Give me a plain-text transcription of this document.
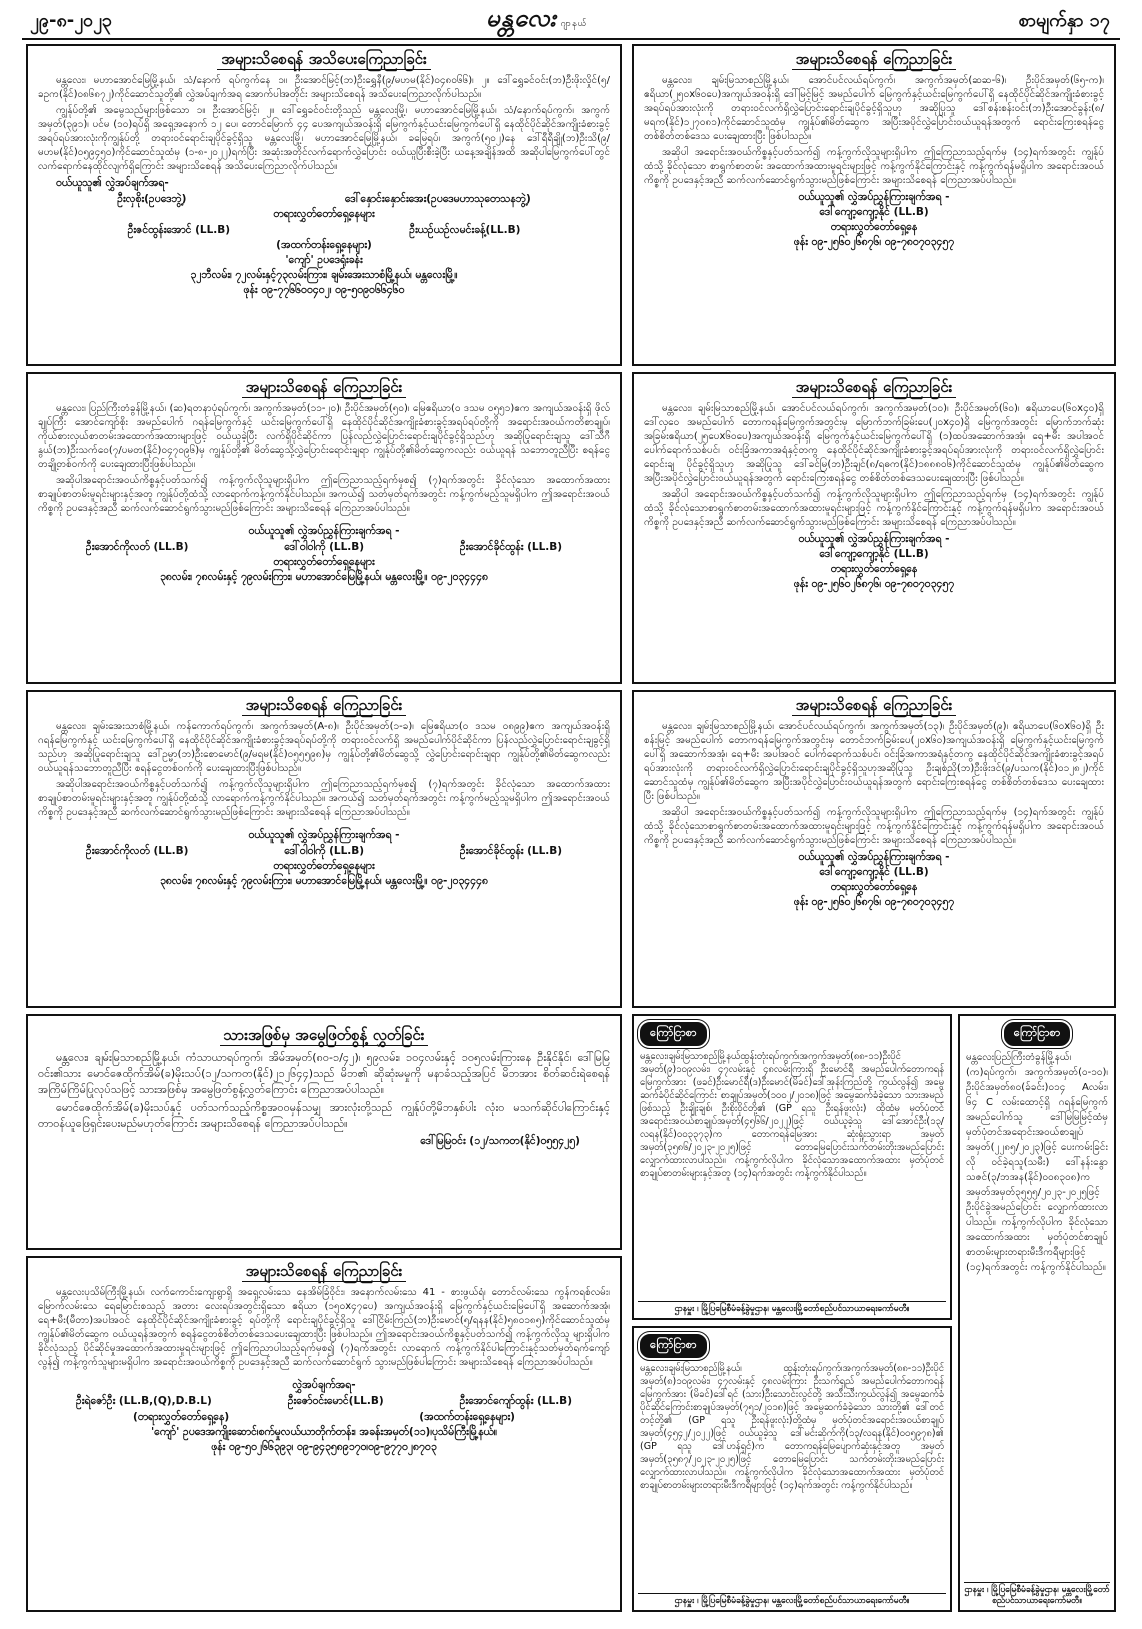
၂၉-၈-၂၀၂၃	မန္တလေး ဂျာနယ်	စာမျက်နှာ ၁၇
အများသိစေရန် အသိပေးကြေညာခြင်း

မန္တလေး၊ မဟာအောင်မြေမြို့နယ်၊ သံ/နောက် ရပ်ကွက်နေ ၁။ ဦးအောင်မြင့်(ဘ)ဦးရွှေနီ(၉/မဟမ(နိုင်)၀၄၈၀၆၆)၊ ၂။ ဒေါ်ရွှေခင်ဝင်း(ဘ)ဦးဖိုးလှိုင်(၅/ခဥက(နိုင်)၀၈၆၈၇၂)ကိုင်ဆောင်သူတို့၏ လွှဲအပ်ချက်အရ အောက်ပါအတိုင်း အများသိစေရန် အသိပေးကြေညာလိုက်ပါသည်။

ကျွန်ုပ်တို့၏ အမွေသည်များဖြစ်သော ၁။ ဦးအောင်မြင့်၊ ၂။ ဒေါ်ရွှေခင်ဝင်းတို့သည် မန္တလေးမြို့၊ မဟာအောင်မြေမြို့နယ်၊ သံ/နောက်ရပ်ကွက်၊ အကွက်အမှတ်(၃၉၁)၊ ပင်မ (၁၀)ရပ်ရှိ အရှေ့အနောက် ၁၂ ပေ၊ တောင်မြောက် ၄၄ ပေအကျယ်အဝန်းရှိ မြေကွက်နှင့်ယင်းမြေကွက်ပေါ်ရှိ နေထိုင်ပိုင်ဆိုင်အကျိုးခံစားခွင့်အရပ်ရပ်အားလုံးကိုကျွန်ုပ်တို့ တရားဝင်ရောင်းချပိုင်ခွင့်ရှိသူ မန္တလေးမြို့၊ မဟာအောင်မြေမြို့နယ်၊ ခမြေရပ်၊ အကွက်(၅၀၂)နေ ဒေါ်ရီရီချို(ဘ)ဦးသိ(၉/မဟမ(နိုင်)၀၅၉၄၅၀)ကိုင်ဆောင်သူထံမှ (၁-၈-၂၀၂၂)ရက်ပြီး အဆုံးအတိုင်လက်ရောက်လွှဲပြောင်း ဝယ်ယူပြီးစီးခဲ့ပြီး ယနေ့အချိန်အထိ အဆိုပါမြေကွက်ပေါ်တွင် လက်ရောက်နေထိုင်လျက်ရှိကြောင်း အများသိစေရန် အသိပေးကြေညာလိုက်ပါသည်။

ဝယ်ယူသူ၏ လွှဲအပ်ချက်အရ-
ဦးလှစိုး(ဥပဒေဘွဲ့)	ဒေါ်နှောင်းနှောင်းအေး(ဥပဒေမဟာသုတေသနဘွဲ့)
တရားလွှတ်တော်ရှေ့နေများ
ဦးဇင်ထွန်းအောင် (LL.B)	ဦးယဉ်ယဉ်လမင်းခန့်(LL.B)
(အထက်တန်းရှေ့နေများ)
'ကျော်' ဥပဒေရုံးခန်း
၃၂ဘီလမ်း၊ ၇၂လမ်းနှင့်၇၃လမ်းကြား၊ ချမ်းအေးသာစံမြို့နယ်၊ မန္တလေးမြို့။
ဖုန်း ၀၉-၇၇၆၆၀၀၄၀၂၊ ၀၉-၅၀၉၀၆၆၄၆၀
အများသိစေရန် ကြေညာခြင်း

မန္တလေး၊ ချမ်းမြသာစည်မြို့နယ်၊ အောင်ပင်လယ်ရပ်ကွက်၊ အကွက်အမှတ်(ဆဆ-၆)၊ ဦးပိုင်အမှတ်(၆၅-က)၊ ဧရိယာ(၂၅၀x၆၀ပေ)အကျယ်အဝန်းရှိ ဒေါ်မြင့်မြင့် အမည်ပေါက် မြေကွက်နှင့်ယင်းမြေကွက်ပေါ်ရှိ နေထိုင်ပိုင်ဆိုင်အကျိုးခံစားခွင့်အရပ်ရပ်အားလုံးကို တရားဝင်လက်ရှိလွှဲပြောင်းရောင်းချပိုင်ခွင့်ရှိသူဟု အဆိုပြုသူ ဒေါ်စန်းစန်းဝင်း(ဘ)ဦးအောင်ခွန်း(၈/မရက(နိုင်)၁၂၇၀၈၁)ကိုင်ဆောင်သူထံမှ ကျွန်ုပ်၏မိတ်ဆွေက အပြီးအပိုင်လွှဲပြောင်းဝယ်ယူရန်အတွက် ရောင်းကြေးစရန်ငွေ တစ်စိတ်တစ်ဒေသ ပေးချေထားပြီး ဖြစ်ပါသည်။

အဆိုပါ အရောင်းအဝယ်ကိစ္စနှင့်ပတ်သက်၍ ကန့်ကွက်လိုသူများရှိပါက ဤကြေညာသည့်ရက်မှ (၁၄)ရက်အတွင်း ကျွန်ုပ်ထံသို့ ခိုင်လုံသော စာရွက်စာတမ်း အထောက်အထားမူရင်းများဖြင့် ကန့်ကွက်နိုင်ကြောင်းနှင့် ကန့်ကွက်ရန်မရှိပါက အရောင်းအဝယ်ကိစ္စကို ဥပဒေနှင့်အညီ ဆက်လက်ဆောင်ရွက်သွားမည်ဖြစ်ကြောင်း အများသိစေရန် ကြေညာအပ်ပါသည်။

ဝယ်ယူသူ၏ လွှဲအပ်ညွှန်ကြားချက်အရ -
ဒေါ်ကျော့ကျော့နိုင် (LL.B)
တရားလွှတ်တော်ရှေ့နေ
ဖုန်း ၀၉-၂၅၆၀၂၆၈၇၆၊ ၀၉-၇၈၀၇၀၃၄၅၇
အများသိစေရန် ကြေညာခြင်း

မန္တလေး၊ ပြည်ကြီးတံခွန်မြို့နယ်၊ (ဆ)ရတနာပုံရပ်ကွက်၊ အကွက်အမှတ်(၁၁-၂၀)၊ ဦးပိုင်အမှတ်(၅၀)၊ မြေဧရိယာ(၀ ဒသမ ၀၅၅၁)ဧက အကျယ်အဝန်းရှိ ဖိုလ်ချုပ်ကြီး အောင်ကျော်စိုး အမည်ပေါက် ဂရန်မြေကွက်နှင့် ယင်းမြေကွက်ပေါ်ရှိ နေထိုင်ပိုင်ဆိုင်အကျိုးခံစားခွင့်အရပ်ရပ်တို့ကို အရောင်းအဝယ်ကတိစာချုပ်၊ ကိုယ်စားလှယ်စာတမ်းအထောက်အထားများဖြင့် ဝယ်ယူခဲ့ပြီး လက်ရှိပိုင်ဆိုင်ကာ ပြန်လည်လွှဲပြောင်းရောင်းချပိုင်ခွင့်ရှိသည်ဟု အဆိုပြုရောင်းချသူ ဒေါ်သီဂီနွယ်(ဘ)ဦးသက်ဝေ(၇/ပမတ(နိုင်)၀၄၇၀၉၆)မှ ကျွန်ုပ်တို့၏ မိတ်ဆွေသို့လွှဲပြောင်းရောင်းချရာ ကျွန်ုပ်တို့၏မိတ်ဆွေကလည်း ဝယ်ယူရန် သဘောတူညီပြီး စရန်ငွေတချို့တစ်ဝက်ကို ပေးချေထားပြီးဖြစ်ပါသည်။

အဆိုပါအရောင်းအဝယ်ကိစ္စနှင့်ပတ်သက်၍ ကန့်ကွက်လိုသူများရှိပါက ဤကြေညာသည့်ရက်မှစ၍ (၇)ရက်အတွင်း ခိုင်လုံသော အထောက်အထားစာချုပ်စာတမ်းမူရင်းများနှင့်အတူ ကျွန်ုပ်တို့ထံသို့ လာရောက်ကန့်ကွက်နိုင်ပါသည်။ အကယ်၍ သတ်မှတ်ရက်အတွင်း ကန့်ကွက်မည့်သူမရှိပါက ဤအရောင်းအဝယ်ကိစ္စကို ဥပဒေနှင့်အညီ ဆက်လက်ဆောင်ရွက်သွားမည်ဖြစ်ကြောင်း အများသိစေရန် ကြေညာအပ်ပါသည်။

ဝယ်ယူသူ၏ လွှဲအပ်ညွှန်ကြားချက်အရ -
ဦးအောင်ကိုလတ် (LL.B)	ဒေါ်ဝါဝါကို (LL.B)	ဦးအောင်ခိုင်ထွန်း (LL.B)
တရားလွှတ်တော်ရှေ့နေများ
၃၈လမ်း၊ ၇၈လမ်းနှင့် ၇၉လမ်းကြား၊ မဟာအောင်မြေမြို့နယ်၊ မန္တလေးမြို့။ ၀၉-၂၀၃၄၄၄၈
အများသိစေရန် ကြေညာခြင်း

မန္တလေး၊ ချမ်းမြသာစည်မြို့နယ်၊ အောင်ပင်လယ်ရပ်ကွက်၊ အကွက်အမှတ်(၁၀)၊ ဦးပိုင်အမှတ်(၆၀)၊ ဧရိယာပေ(၆၀x၄၀)ရှိ ဒေါ်လှဝေ အမည်ပေါက် တောကရန်မြေကွက်အတွင်းမှ မြောက်ဘက်ခြမ်းပေ(၂၀x၄၀)ရှိ မြေကွက်အတွင်း မြောက်ဘက်ဆုံးအခြမ်းဧရိယာ(၂၅ပေx၆၀ပေ)အကျယ်အဝန်းရှိ မြေကွက်နှင့်ယင်းမြေကွက်ပေါ်ရှိ (၁)ထပ်အဆောက်အအုံ၊ ရေ+မီး အပါအဝင် ပေါက်ရောက်သစ်ပင်၊ ဝင်းခြံအကာအရံနှင့်တကွ နေထိုင်ပိုင်ဆိုင်အကျိုးခံစားခွင့်အရပ်ရပ်အားလုံးကို တရားဝင်လက်ရှိလွှဲပြောင်းရောင်းချ ပိုင်ခွင့်ရှိသူဟု အဆိုပြုသူ ဒေါ်ခင်မြ(ဘ)ဦးချင်(၈/ရဓက(နိုင်)၁၈၈၈၀၆)ကိုင်ဆောင်သူထံမှ ကျွန်ုပ်၏မိတ်ဆွေက အပြီးအပိုင်လွှဲပြောင်းဝယ်ယူရန်အတွက် ရောင်းကြေးစရန်ငွေ တစ်စိတ်တစ်ဒေသပေးချေထားပြီး ဖြစ်ပါသည်။

အဆိုပါ အရောင်းအဝယ်ကိစ္စနှင့်ပတ်သက်၍ ကန့်ကွက်လိုသူများရှိပါက ဤကြေညာသည့်ရက်မှ (၁၄)ရက်အတွင်း ကျွန်ုပ်ထံသို့ ခိုင်လုံသောစာရွက်စာတမ်းအထောက်အထားမူရင်းများဖြင့် ကန့်ကွက်နိုင်ကြောင်းနှင့် ကန့်ကွက်ရန်မရှိပါက အရောင်းအဝယ်ကိစ္စကို ဥပဒေနှင့်အညီ ဆက်လက်ဆောင်ရွက်သွားမည်ဖြစ်ကြောင်း အများသိစေရန် ကြေညာအပ်ပါသည်။

ဝယ်ယူသူ၏ လွှဲအပ်ညွှန်ကြားချက်အရ -
ဒေါ်ကျော့ကျော့နိုင် (LL.B)
တရားလွှတ်တော်ရှေ့နေ
ဖုန်း ၀၉-၂၅၆၀၂၆၈၇၆၊ ၀၉-၇၈၀၇၀၃၄၅၇
အများသိစေရန် ကြေညာခြင်း

မန္တလေး၊ ချမ်းအေးသာစံမြို့နယ်၊ ကန်ကောက်ရပ်ကွက်၊ အကွက်အမှတ်(A-၈)၊ ဦးပိုင်အမှတ်(၁-ခ)၊ မြေဧရိယာ(၀ ဒသမ ၀၈၉၉)ဧက အကျယ်အဝန်းရှိ ဂရန်မြေကွက်နှင့် ယင်းမြေကွက်ပေါ်ရှိ နေထိုင်ပိုင်ဆိုင်အကျိုးခံစားခွင့်အရပ်ရပ်တို့ကို တရားဝင်လက်ရှိ အမည်ပေါက်ပိုင်ဆိုင်ကာ ပြန်လည်လွှဲပြောင်းရောင်းချခွင့်ရှိသည်ဟု အဆိုပြုရောင်းချသူ ဒေါ်ဥမ္မာ(ဘ)ဦးစောမောင်(၉/မရမ(နိုင်)၀၅၅၅၉၈)မှ ကျွန်ုပ်တို့၏မိတ်ဆွေသို့ လွှဲပြောင်းရောင်းချရာ ကျွန်ုပ်တို့၏မိတ်ဆွေကလည်း ဝယ်ယူရန်သဘောတူညီပြီး စရန်ငွေတစ်ဝက်ကို ပေးချေထားပြီးဖြစ်ပါသည်။

အဆိုပါအရောင်းအဝယ်ကိစ္စနှင့်ပတ်သက်၍ ကန့်ကွက်လိုသူများရှိပါက ဤကြေညာသည့်ရက်မှစ၍ (၇)ရက်အတွင်း ခိုင်လုံသော အထောက်အထားစာချုပ်စာတမ်းမူရင်းများနှင့်အတူ ကျွန်ုပ်တို့ထံသို့ လာရောက်ကန့်ကွက်နိုင်ပါသည်။ အကယ်၍ သတ်မှတ်ရက်အတွင်း ကန့်ကွက်မည့်သူမရှိပါက ဤအရောင်းအဝယ်ကိစ္စကို ဥပဒေနှင့်အညီ ဆက်လက်ဆောင်ရွက်သွားမည်ဖြစ်ကြောင်း အများသိစေရန် ကြေညာအပ်ပါသည်။

ဝယ်ယူသူ၏ လွှဲအပ်ညွှန်ကြားချက်အရ -
ဦးအောင်ကိုလတ် (LL.B)	ဒေါ်ဝါဝါကို (LL.B)	ဦးအောင်ခိုင်ထွန်း (LL.B)
တရားလွှတ်တော်ရှေ့နေများ
၃၈လမ်း၊ ၇၈လမ်းနှင့် ၇၉လမ်းကြား၊ မဟာအောင်မြေမြို့နယ်၊ မန္တလေးမြို့။ ၀၉-၂၀၃၄၄၄၈
အများသိစေရန် ကြေညာခြင်း

မန္တလေး၊ ချမ်းမြသာစည်မြို့နယ်၊ အောင်ပင်လယ်ရပ်ကွက်၊ အကွက်အမှတ်(၁၃)၊ ဦးပိုင်အမှတ်(၉)၊ ဧရိယာပေ(၆၀x၆၀)ရှိ ဦးစန်းမြင့် အမည်ပေါက် တောကရန်မြေကွက်အတွင်းမှ တောင်ဘက်ခြမ်းပေ(၂၀x၆၀)အကျယ်အဝန်းရှိ မြေကွက်နှင့်ယင်းမြေကွက်ပေါ်ရှိ အဆောက်အအုံ၊ ရေ+မီး အပါအဝင် ပေါက်ရောက်သစ်ပင်၊ ဝင်းခြံအကာအရံနှင့်တကွ နေထိုင်ပိုင်ဆိုင်အကျိုးခံစားခွင့်အရပ်ရပ်အားလုံးကို တရားဝင်လက်ရှိလွှဲပြောင်းရောင်းချပိုင်ခွင့်ရှိသူဟုအဆိုပြုသူ ဦးချစ်ညို(ဘ)ဦးဖိုးဒင်(၉/ပသက(နိုင်)၀၁၂၈၂)ကိုင်ဆောင်သူထံမှ ကျွန်ုပ်၏မိတ်ဆွေက အပြီးအပိုင်လွှဲပြောင်းဝယ်ယူရန်အတွက် ရောင်းကြေးစရန်ငွေ တစ်စိတ်တစ်ဒေသ ပေးချေထားပြီး ဖြစ်ပါသည်။

အဆိုပါ အရောင်းအဝယ်ကိစ္စနှင့်ပတ်သက်၍ ကန့်ကွက်လိုသူများရှိပါက ဤကြေညာသည့်ရက်မှ (၁၄)ရက်အတွင်း ကျွန်ုပ်ထံသို့ ခိုင်လုံသောစာရွက်စာတမ်းအထောက်အထားမူရင်းများဖြင့် ကန့်ကွက်နိုင်ကြောင်းနှင့် ကန့်ကွက်ရန်မရှိပါက အရောင်းအဝယ်ကိစ္စကို ဥပဒေနှင့်အညီ ဆက်လက်ဆောင်ရွက်သွားမည်ဖြစ်ကြောင်း အများသိစေရန် ကြေညာအပ်ပါသည်။

ဝယ်ယူသူ၏ လွှဲအပ်ညွှန်ကြားချက်အရ -
ဒေါ်ကျော့ကျော့နိုင် (LL.B)
တရားလွှတ်တော်ရှေ့နေ
ဖုန်း ၀၉-၂၅၆၀၂၆၈၇၆၊ ၀၉-၇၈၀၇၀၃၄၅၇
သားအဖြစ်မှ အမွေဖြတ်စွန့် လွှတ်ခြင်း

မန္တလေး၊ ချမ်းမြသာစည်မြို့နယ်၊ ကံသာယာရပ်ကွက်၊ အိမ်အမှတ်(၈၀-၁/၄၂)၊ ၅၉လမ်း၊ ၁၀၄လမ်းနှင့် ၁၀၅လမ်းကြားနေ ဦးနိုင်နိုင်၊ ဒေါ်မြမြဝင်း၏သား မောင်ဇေထိုက်အိမ်(ခ)မိုးသပ်(၁၂/သကတ(နိုင်)၂၁၂၆၄၄)သည် မိဘ၏ ဆိုဆုံးမမှုကို မနာခံသည့်အပြင် မိဘအား စိတ်ဆင်းရဲစေရန် အကြိမ်ကြိမ်ပြုလုပ်သဖြင့် သားအဖြစ်မှ အမွေဖြတ်စွန့်လွှတ်ကြောင်း ကြေညာအပ်ပါသည်။

မောင်ဇေထိုက်အိမ်(ခ)မိုးသပ်နှင့် ပတ်သက်သည့်ကိစ္စအဝဝမှန်သမျှ အားလုံးတို့သည် ကျွန်ုပ်တို့မိဘနှစ်ပါး လုံးဝ မသက်ဆိုင်ပါကြောင်းနှင့် တာဝန်ယူဖြေရှင်းပေးမည်မဟုတ်ကြောင်း အများသိစေရန် ကြေညာအပ်ပါသည်။

ဒေါ်မြမြဝင်း (၁၂/သကတ(နိုင်)၀၅၅၄၂၅)
အများသိစေရန် ကြေညာခြင်း

မန္တလေးပုသိမ်ကြီးမြို့နယ်၊ လက်ကောင်းကျေးရွာရှိ အရှေ့လမ်းသေ နေအိမ်ခြံဝိုင်း၊ အနောက်လမ်းသေ 41 - စားဖွယ်ရံ၊ တောင်လမ်းသေ ကွန်ကရစ်လမ်း၊ မြောက်လမ်းသေ ရေမြောင်းစသည့် အတား လေးရပ်အတွင်းရှိသော ဧရိယာ (၁၅၀x၄၇ပေ) အကျယ်အဝန်းရှိ မြေကွက်နှင့်ယင်းမြေပေါ်ရှိ အဆောက်အအုံ၊ ရေ+မီး(မီတာ)အပါအဝင် နေထိုင်ပိုင်ဆိုင်အကျိုးခံစားခွင့် ရပ်တို့ကို ရောင်းချပိုင်ခွင့်ရှိသူ ဒေါ်ငြိမ်းကြည်(ဘ)ဦးမောင်(၅/ရနန(နိုင်)၅၈၀၁၈၅)ကိုင်ဆောင်သူထံမှ ကျွန်ုပ်၏မိတ်ဆွေက ဝယ်ယူရန်အတွက် စရန်ငွေတစ်စိတ်တစ်ဒေသပေးချေထားပြီး ဖြစ်ပါသည်။ ဤအရောင်းအဝယ်ကိစ္စနှင့်ပတ်သက်၍ ကန့်ကွက်လိုသူ များရှိပါက ခိုင်လုံသည့် ပိုင်ဆိုင်မှုအထောက်အထားမူရင်းများဖြင့် ဤကြေညာပါသည့်ရက်မှစ၍ (၇)ရက်အတွင်း လာရောက် ကန့်ကွက်နိုင်ပါကြောင်းနှင့်သတ်မှတ်ရက်ကျော်လွန်၍ ကန့်ကွက်သူများမရှိပါက အရောင်းအဝယ်ကိစ္စကို ဥပဒေနှင့်အညီ ဆက်လက်ဆောင်ရွက် သွားမည်ဖြစ်ပါကြောင်း အများသိစေရန် ကြေညာအပ်ပါသည်။

လွှဲအပ်ချက်အရ-
ဦးရဲဇော်ဦး (LL.B,(Q),D.B.L)	ဦးဇော်ဝင်းမောင်(LL.B)	ဦးအောင်ကျော်ထွန်း (LL.B)
(တရားလွှတ်တော်ရှေ့နေ)	(အထက်တန်းရှေ့နေများ)
'ကျော်' ဥပဒေအကျိုးဆောင်၊စက်မှုလယ်ယာတိုက်တန်း၊ အခန်းအမှတ်(၁၁)၊ပုသိမ်ကြီးမြို့နယ်။
ဖုန်း ၀၉-၅၀၂၆၆၃၉၃၊ ၀၉-၉၄၃၅၈၉၁၇၀၊၀၉-၉၇၇၀၂၈၇၀၃
ကြော်ငြာစာ

မန္တလေး၊ချမ်းမြသာစည်မြို့နယ်ထွန်းတုံးရပ်ကွက်၊အကွက်အမှတ်(၈၈-၁၁)ဦးပိုင်အမှတ်(၉)၁၀၉လမ်း၊ ၄၇လမ်းနှင့် ၄၈လမ်းကြားရှိ ဦးမောင်ရီ အမည်ပေါက်တောကရန်မြေကွက်အား (ဖခင်)ဦးမောင်ရီ(ဒ)ဦးမောင်(မိခင်)ဒေါ်အုန်းကြည်တို့ ကွယ်လွန်၍ အမွေဆက်ခံပိုင်ဆိုင်ကြောင်း စာချုပ်အမှတ်(၁၀၀၂/၂၀၁၈)ဖြင့် အမွေဆက်ခံခဲ့သော သားအမည်ဖြစ်သည့် ဦးချိုးချစ်၊ ဦးစိုးဝိုင်တို့၏ (GP ရသူ ဦးရန်ဖူးလုံး) ထိုထံမှ မှတ်ပုံတင်အရောင်းအဝယ်စာချုပ်အမှတ်(၄၅၆၆/၂၀၂၂)ဖြင့် ဝယ်ယူခဲ့သူ ဒေါ်အောင်ဦး(၁၃/လရန(နိုင်)၀၀၃၃၇၃)က တောကရန်မြေအား ဆုံးရှုံးသွားရာ အမှတ်အမှတ်(၃၅၈၆/၂၀၂၃-၂၀၂၅)ဖြင့် တောမြေပြောင်းသက်တမ်းတိုးအမည်ပြောင်း လျှောက်ထားလာပါသည်။ ကန့်ကွက်လိုပါက ခိုင်လုံသောအထောက်အထား မှတ်ပုံတင်စာချုပ်စာတမ်းများနှင့်အတူ (၁၄)ရက်အတွင်း ကန့်ကွက်နိုင်ပါသည်။

ဌာနမှူး ၊ မြို့ပြမြေစီမံခန့်ခွဲမှုဌာန၊ မန္တလေးမြို့တော်စည်ပင်သာယာရေးကော်မတီ။
ကြော်ငြာစာ

မန္တလေးပြည်ကြီးတံခွန်မြို့နယ်၊(က)ရပ်ကွက်၊ အကွက်အမှတ်(ဝ-၁၀)၊ ဦးပိုင်အမှတ်၈၀(ခ်ခင်း)၀၁၄ Aလမ်း၊ ၆၄ C လမ်းထောင့်ရှိ ဂရန်မြေကွက်အမည်ပေါက်သူ ဒေါ်မြမြမြင့်ထံမှ မှတ်ပုံတင်အရောင်းအဝယ်စာချုပ်အမှတ်(၂၂၈၅/၂၀၂၃)ဖြင့် ပေးကမ်းခြင်းလို ဝင်ခဲ့ရသူ(သမီး) ဒေါ်နန်းနွောသဇင်(၃/ဘအန(နိုင်)၀၀၈၃၀၈)က အမှတ်အမှတ်၃၅၅၅/၂၀၂၃-၂၀၂၅ဖြင့် ဦးပိုင်ခွဲအမည်ပြောင်း လျှောက်ထားလာပါသည်။ ကန့်ကွက်လိုပါက ခိုင်လုံသောအထောက်အထား မှတ်ပုံတင်စာချုပ် စာတမ်းများတရားမီးဒီကရီများဖြင့် (၁၄)ရက်အတွင်း ကန့်ကွက်နိုင်ပါသည်။

ဌာနမှူး ၊ မြို့ပြမြေစီမံခန့်ခွဲမှုဌာန၊ မန္တလေးမြို့တော်စည်ပင်သာယာရေးကော်မတီ။
ကြော်ငြာစာ

မန္တလေး၊ချမ်းမြသာစည်မြို့နယ်၊ ထွန်းတုံးရပ်ကွက်၊အကွက်အမှတ်(၈၈-၁၁)ဦးပိုင်အမှတ်(၈)၁၀၉လမ်း၊ ၄၇လမ်းနှင့် ၄၈လမ်းကြား ဦးသက်ရှည် အမည်ပေါက်တောကရန်မြေကွက်အား (မိခင်)ဒေါ်ရင် (သား)ဦးသောင်းလွင်တို့ အသီးသီးကွယ်လွန်၍ အမွေဆက်ခံပိုင်ဆိုင်ကြောင်းစာချုပ်အမှတ်(၇၅၁/၂၀၁၈)ဖြင့် အမွေဆက်ခံခဲ့သော သားတို့၏ ဒေါ်တင်တင့်တို့၏ (GP ရသူ ဦးရန်ဖူးလုံး)တို့ထံမှ မှတ်ပုံတင်အရောင်းအဝယ်စာချုပ်အမှတ်(၄၅၄၂/၂၀၂၂)ဖြင့် ဝယ်ယူခဲ့သူ ဒေါ်မင်းဆိုက်ကို(၁၃/လရန(နိုင်)၀၀၅၉၇၈)၏ (GP ရသူ ဒေါ်ဟန်ရှင်)က တောကရန်မြေပျောက်ဆုံးနှင့်အတူ အမှတ်အမှတ်(၃၅၈၇/၂၀၂၃-၂၀၂၅)ဖြင့် တောမြေပြောင်း သက်တမ်းတိုးအမည်ပြောင်း လျှောက်ထားလာပါသည်။ ကန့်ကွက်လိုပါက ခိုင်လုံသောအထောက်အထား မှတ်ပုံတင်စာချုပ်စာတမ်းများတရားမီးဒီကရီများဖြင့် (၁၄)ရက်အတွင်း ကန့်ကွက်နိုင်ပါသည်။

ဌာနမှူး ၊ မြို့ပြမြေစီမံခန့်ခွဲမှုဌာန၊ မန္တလေးမြို့တော်စည်ပင်သာယာရေးကော်မတီ။
